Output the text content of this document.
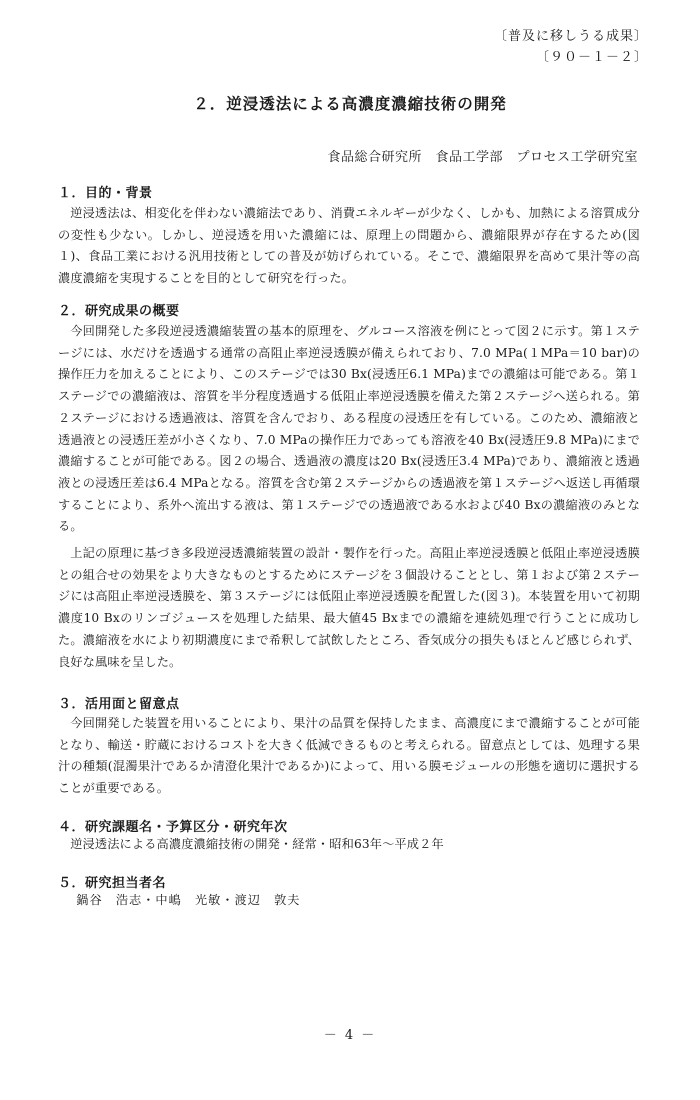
〔普及に移しうる成果〕
〔９０－１－２〕
２．逆浸透法による高濃度濃縮技術の開発
食品総合研究所　食品工学部　プロセス工学研究室
１．目的・背景

逆浸透法は、相変化を伴わない濃縮法であり、消費エネルギーが少なく、しかも、加熱による溶質成分の変性も少ない。しかし、逆浸透を用いた濃縮には、原理上の問題から、濃縮限界が存在するため(図１)、食品工業における汎用技術としての普及が妨げられている。そこで、濃縮限界を高めて果汁等の高濃度濃縮を実現することを目的として研究を行った。

２．研究成果の概要

今回開発した多段逆浸透濃縮装置の基本的原理を、グルコース溶液を例にとって図２に示す。第１ステージには、水だけを透過する通常の高阻止率逆浸透膜が備えられており、7.0 MPa(１MPa＝10 bar)の操作圧力を加えることにより、このステージでは30 Bx(浸透圧6.1 MPa)までの濃縮は可能である。第１ステージでの濃縮液は、溶質を半分程度透過する低阻止率逆浸透膜を備えた第２ステージへ送られる。第２ステージにおける透過液は、溶質を含んでおり、ある程度の浸透圧を有している。このため、濃縮液と透過液との浸透圧差が小さくなり、7.0 MPaの操作圧力であっても溶液を40 Bx(浸透圧9.8 MPa)にまで濃縮することが可能である。図２の場合、透過液の濃度は20 Bx(浸透圧3.4 MPa)であり、濃縮液と透過液との浸透圧差は6.4 MPaとなる。溶質を含む第２ステージからの透過液を第１ステージへ返送し再循環することにより、系外へ流出する液は、第１ステージでの透過液である水および40 Bxの濃縮液のみとなる。

上記の原理に基づき多段逆浸透濃縮装置の設計・製作を行った。高阻止率逆浸透膜と低阻止率逆浸透膜との組合せの効果をより大きなものとするためにステージを３個設けることとし、第１および第２ステージには高阻止率逆浸透膜を、第３ステージには低阻止率逆浸透膜を配置した(図３)。本装置を用いて初期濃度10 Bxのリンゴジュースを処理した結果、最大値45 Bxまでの濃縮を連続処理で行うことに成功した。濃縮液を水により初期濃度にまで希釈して試飲したところ、香気成分の損失もほとんど感じられず、良好な風味を呈した。

３．活用面と留意点

今回開発した装置を用いることにより、果汁の品質を保持したまま、高濃度にまで濃縮することが可能となり、輸送・貯蔵におけるコストを大きく低減できるものと考えられる。留意点としては、処理する果汁の種類(混濁果汁であるか清澄化果汁であるか)によって、用いる膜モジュールの形態を適切に選択することが重要である。

４．研究課題名・予算区分・研究年次

逆浸透法による高濃度濃縮技術の開発・経常・昭和63年～平成２年

５．研究担当者名

鍋谷　浩志・中嶋　光敏・渡辺　敦夫

－ 4 －
